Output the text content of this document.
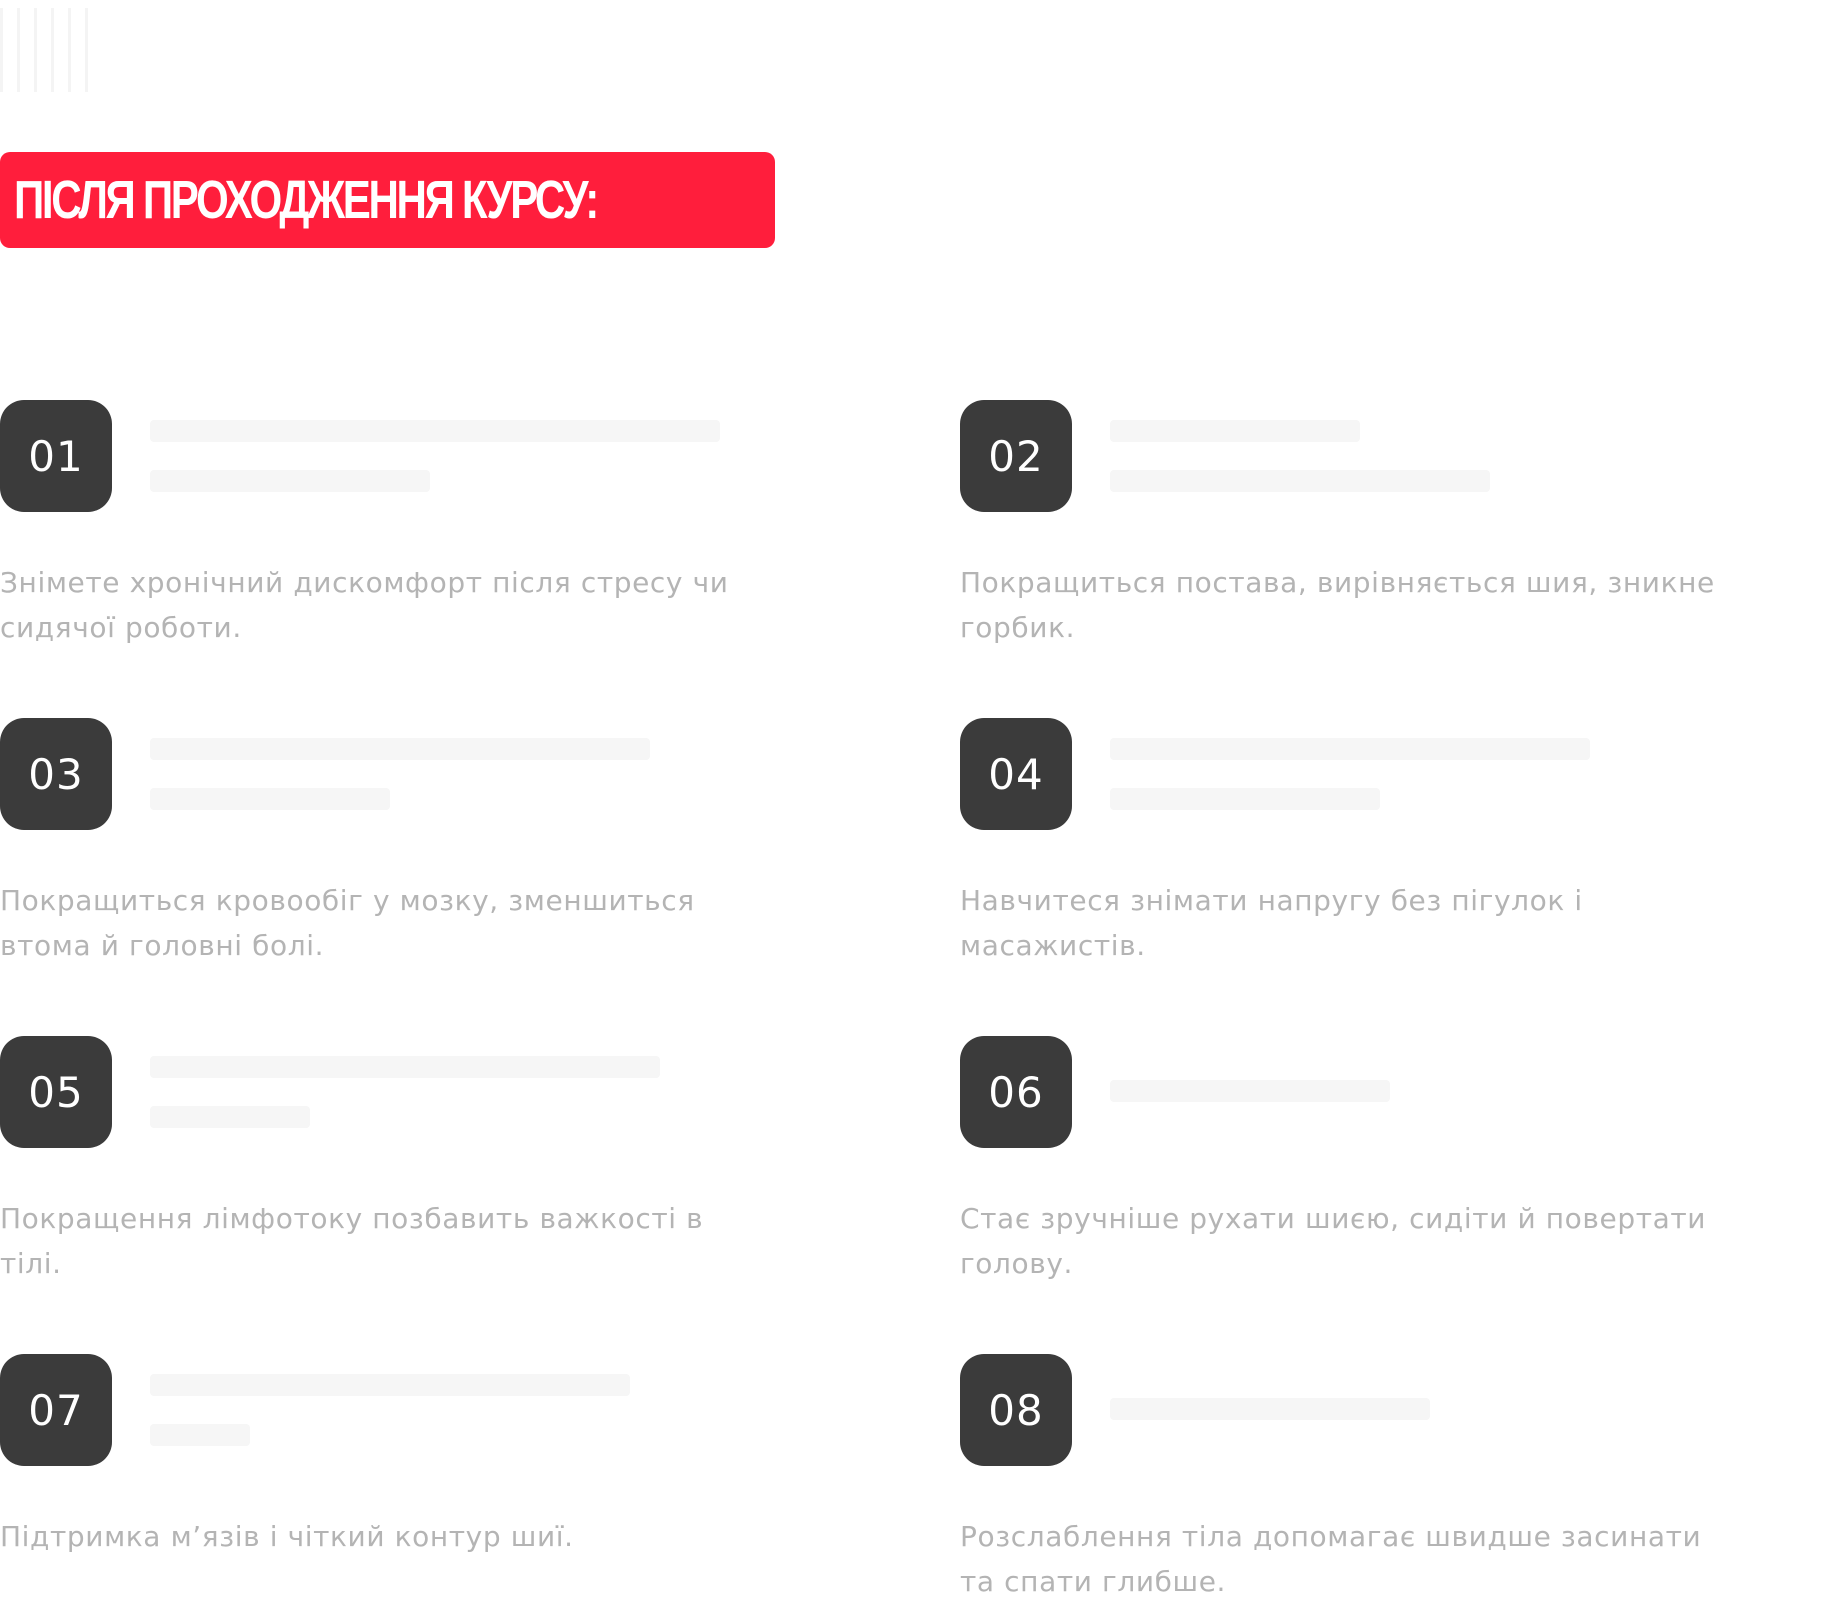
ПІСЛЯ ПРОХОДЖЕННЯ КУРСУ:
01
Знімете хронічний дискомфорт після стресу чи сидячої роботи.
02
Покращиться постава, вирівняється шия, зникне горбик.
03
Покращиться кровообіг у мозку, зменшиться втома й головні болі.
04
Навчитеся знімати напругу без пігулок і масажистів.
05
Покращення лімфотоку позбавить важкості в тілі.
06
Стає зручніше рухати шиєю, сидіти й повертати голову.
07
Підтримка м’язів і чіткий контур шиї.
08
Розслаблення тіла допомагає швидше засинати та спати глибше.
